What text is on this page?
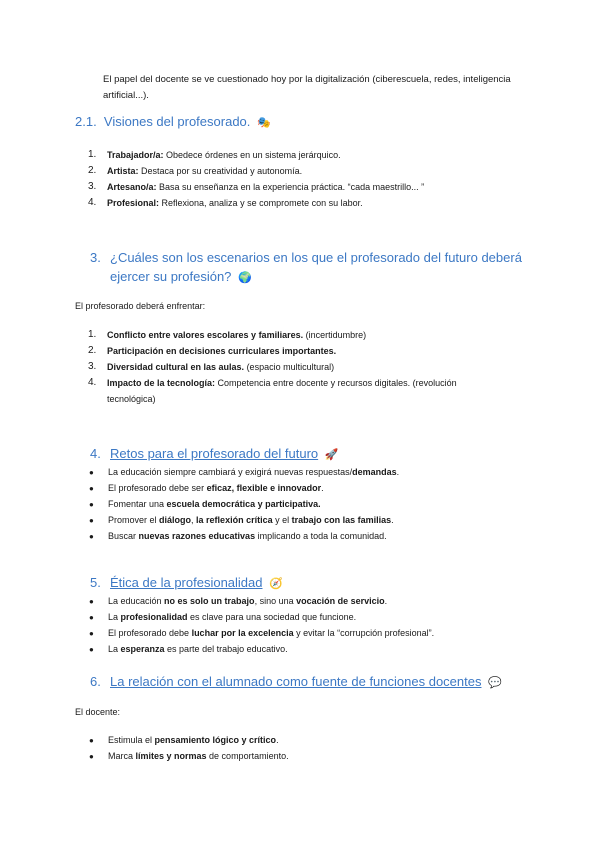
El papel del docente se ve cuestionado hoy por la digitalización (ciberescuela, redes, inteligencia artificial...).

2.1. Visiones del profesorado. 🎭
1. Trabajador/a: Obedece órdenes en un sistema jerárquico.
2. Artista: Destaca por su creatividad y autonomía.
3. Artesano/a: Basa su enseñanza en la experiencia práctica. “cada maestrillo... ”
4. Profesional: Reflexiona, analiza y se compromete con su labor.
3. ¿Cuáles son los escenarios en los que el profesorado del futuro deberá
ejercer su profesión? 🌍
El profesorado deberá enfrentar:
1. Conflicto entre valores escolares y familiares. (incertidumbre)
2. Participación en decisiones curriculares importantes.
3. Diversidad cultural en las aulas. (espacio multicultural)
4. Impacto de la tecnología: Competencia entre docente y recursos digitales. (revolución tecnológica)
4. Retos para el profesorado del futuro 🚀
● La educación siempre cambiará y exigirá nuevas respuestas/demandas.
● El profesorado debe ser eficaz, flexible e innovador.
● Fomentar una escuela democrática y participativa.
● Promover el diálogo, la reflexión crítica y el trabajo con las familias.
● Buscar nuevas razones educativas implicando a toda la comunidad.
5. Ética de la profesionalidad 🧭
● La educación no es solo un trabajo, sino una vocación de servicio.
● La profesionalidad es clave para una sociedad que funcione.
● El profesorado debe luchar por la excelencia y evitar la “corrupción profesional”.
● La esperanza es parte del trabajo educativo.
6. La relación con el alumnado como fuente de funciones docentes 💬
El docente:
● Estimula el pensamiento lógico y crítico.
● Marca límites y normas de comportamiento.
